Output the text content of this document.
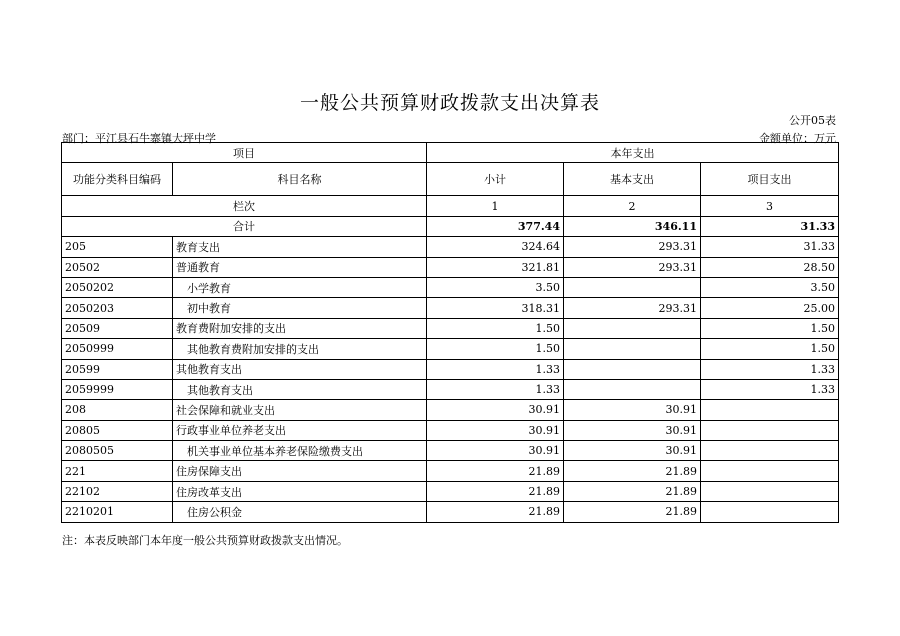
一般公共预算财政拨款支出决算表
公开05表
部门：平江县石牛寨镇大坪中学	金额单位：万元
项目		本年支出		
功能分类科目编码	科目名称	小计	基本支出	项目支出
栏次		1	2	3
合计		377.44	346.11	31.33
205	教育支出	324.64	293.31	31.33
20502	普通教育	321.81	293.31	28.50
2050202	小学教育	3.50		3.50
2050203	初中教育	318.31	293.31	25.00
20509	教育费附加安排的支出	1.50		1.50
2050999	其他教育费附加安排的支出	1.50		1.50
20599	其他教育支出	1.33		1.33
2059999	其他教育支出	1.33		1.33
208	社会保障和就业支出	30.91	30.91	
20805	行政事业单位养老支出	30.91	30.91	
2080505	机关事业单位基本养老保险缴费支出	30.91	30.91	
221	住房保障支出	21.89	21.89	
22102	住房改革支出	21.89	21.89	
2210201	住房公积金	21.89	21.89	
注：本表反映部门本年度一般公共预算财政拨款支出情况。
